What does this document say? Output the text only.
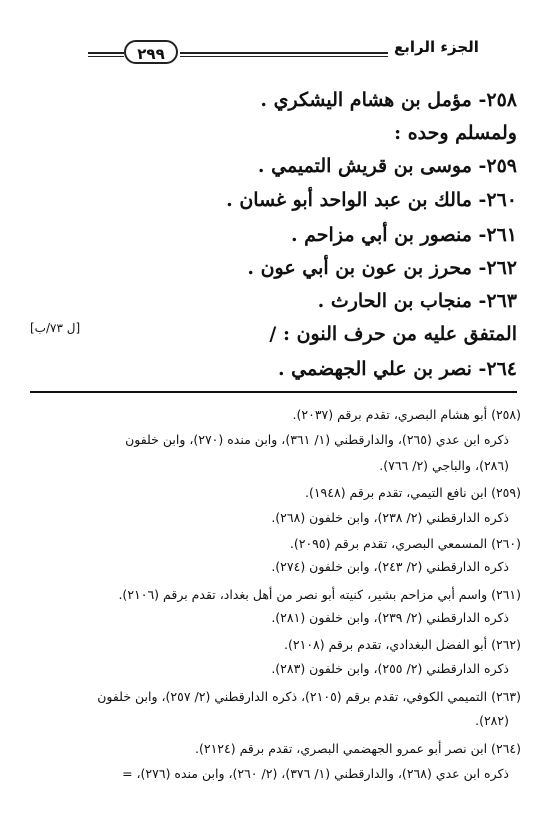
٢٩٩	الجزء الرابع
٢٥٨- مؤمل بن هشام اليشكري .
ولمسلم وحده :
٢٥٩- موسى بن قريش التميمي .
٢٦٠- مالك بن عبد الواحد أبو غسان .
٢٦١- منصور بن أبي مزاحم .
٢٦٢- محرز بن عون بن أبي عون .
٢٦٣- منجاب بن الحارث .
المتفق عليه من حرف النون : /
٢٦٤- نصر بن علي الجهضمي .
[ل ٧٣/ب]
(٢٥٨) أبو هشام البصري، تقدم برقم (٢٠٣٧).
ذكره ابن عدي (٢٦٥)، والدارقطني (١/ ٣٦١)، وابن منده (٢٧٠)، وابن خلفون
(٢٨٦)، والباجي (٢/ ٧٦٦).
(٢٥٩) ابن نافع التيمي، تقدم برقم (١٩٤٨).
ذكره الدارقطني (٢/ ٢٣٨)، وابن خلفون (٢٦٨).
(٢٦٠) المسمعي البصري، تقدم برقم (٢٠٩٥).
ذكره الدارقطني (٢/ ٢٤٣)، وابن خلفون (٢٧٤).
(٢٦١) واسم أبي مزاحم بشير، كنيته أبو نصر من أهل بغداد، تقدم برقم (٢١٠٦).
ذكره الدارقطني (٢/ ٢٣٩)، وابن خلفون (٢٨١).
(٢٦٢) أبو الفضل البغدادي، تقدم برقم (٢١٠٨).
ذكره الدارقطني (٢/ ٢٥٥)، وابن خلفون (٢٨٣).
(٢٦٣) التميمي الكوفي، تقدم برقم (٢١٠٥)، ذكره الدارقطني (٢/ ٢٥٧)، وابن خلفون
(٢٨٢).
(٢٦٤) ابن نصر أبو عمرو الجهضمي البصري، تقدم برقم (٢١٢٤).
ذكره ابن عدي (٢٦٨)، والدارقطني (١/ ٣٧٦)، (٢/ ٢٦٠)، وابن منده (٢٧٦)، =
